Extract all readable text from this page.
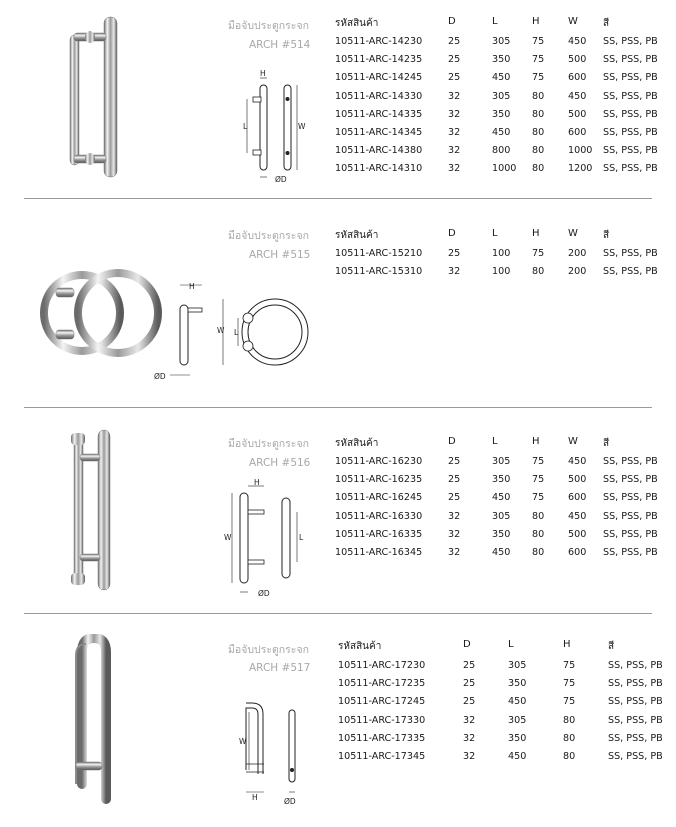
มือจับประตูกระจก
ARCH #514
H
L	W
ØD
รหัสสินค้า	D	L	H	W	สี
10511-ARC-14230	25	305 75 450 SS, PSS, PB
10511-ARC-14235	25	350 75 500 SS, PSS, PB
10511-ARC-14245	25	450 75 600 SS, PSS, PB
10511-ARC-14330	32	305 80 450 SS, PSS, PB
10511-ARC-14335	32	350 80 500 SS, PSS, PB
10511-ARC-14345	32	450 80 600 SS, PSS, PB
10511-ARC-14380	32	800 80 1000 SS, PSS, PB
10511-ARC-14310	32	1000 80 1200 SS, PSS, PB
มือจับประตูกระจก
ARCH #515
H
W L
ØD
รหัสสินค้า	D	L	H	W	สี
10511-ARC-15210	25	100 75 200 SS, PSS, PB
10511-ARC-15310	32	100 80 200 SS, PSS, PB
มือจับประตูกระจก
ARCH #516
H
W	L
ØD
รหัสสินค้า	D	L	H	W	สี
10511-ARC-16230	25	305 75 450 SS, PSS, PB
10511-ARC-16235	25	350 75 500 SS, PSS, PB
10511-ARC-16245	25	450 75 600 SS, PSS, PB
10511-ARC-16330	32	305 80 450 SS, PSS, PB
10511-ARC-16335	32	350 80 500 SS, PSS, PB
10511-ARC-16345	32	450 80 600 SS, PSS, PB
มือจับประตูกระจก
ARCH #517
W
H	ØD
รหัสสินค้า	D	L	H	สี
10511-ARC-17230	25	305	75	SS, PSS, PB
10511-ARC-17235	25	350	75	SS, PSS, PB
10511-ARC-17245	25	450	75	SS, PSS, PB
10511-ARC-17330	32	305	80	SS, PSS, PB
10511-ARC-17335	32	350	80	SS, PSS, PB
10511-ARC-17345	32	450	80	SS, PSS, PB
